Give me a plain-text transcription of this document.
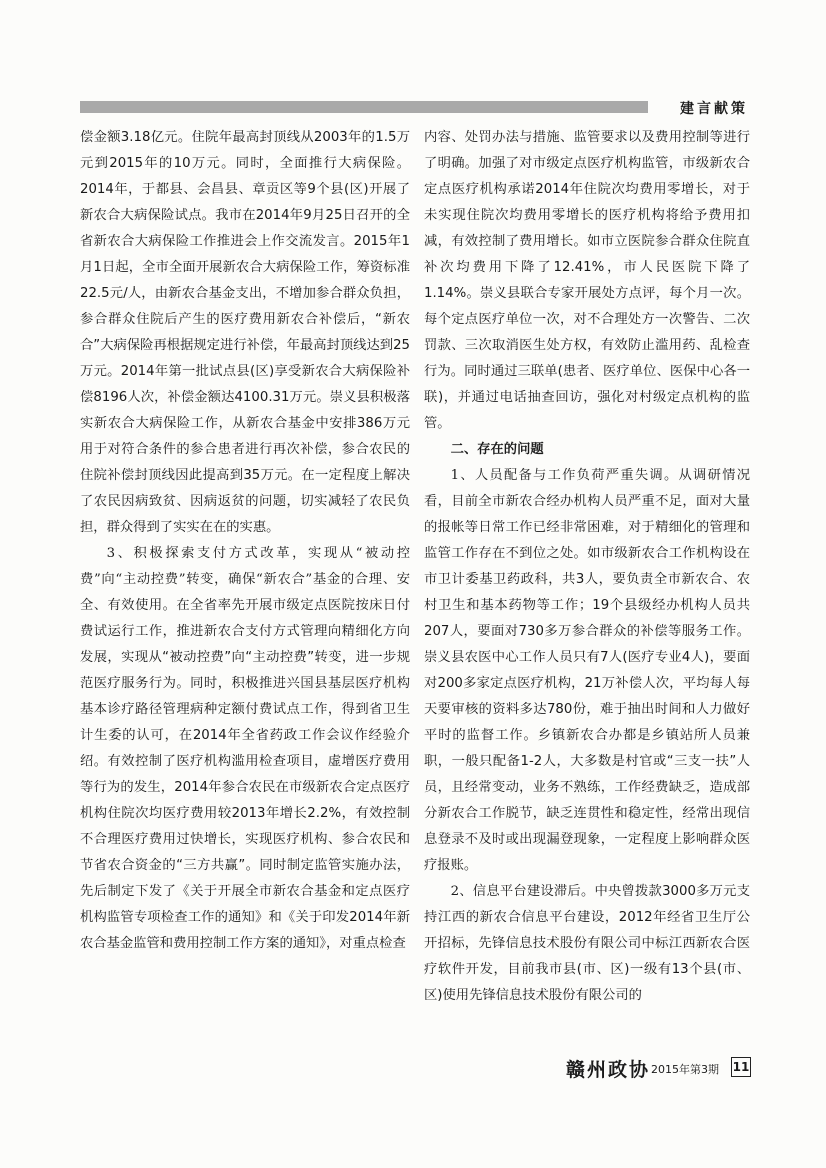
建言献策

偿金额3.18亿元。住院年最高封顶线从2003年的1.5万元到2015年的10万元。同时，全面推行大病保险。2014年，于都县、会昌县、章贡区等9个县(区)开展了新农合大病保险试点。我市在2014年9月25日召开的全省新农合大病保险工作推进会上作交流发言。2015年1月1日起，全市全面开展新农合大病保险工作，筹资标准22.5元/人，由新农合基金支出，不增加参合群众负担，参合群众住院后产生的医疗费用新农合补偿后，“新农合”大病保险再根据规定进行补偿，年最高封顶线达到25万元。2014年第一批试点县(区)享受新农合大病保险补偿8196人次，补偿金额达4100.31万元。崇义县积极落实新农合大病保险工作，从新农合基金中安排386万元用于对符合条件的参合患者进行再次补偿，参合农民的住院补偿封顶线因此提高到35万元。在一定程度上解决了农民因病致贫、因病返贫的问题，切实减轻了农民负担，群众得到了实实在在的实惠。

3、积极探索支付方式改革，实现从“被动控费”向“主动控费”转变，确保“新农合”基金的合理、安全、有效使用。在全省率先开展市级定点医院按床日付费试运行工作，推进新农合支付方式管理向精细化方向发展，实现从“被动控费”向“主动控费”转变，进一步规范医疗服务行为。同时，积极推进兴国县基层医疗机构基本诊疗路径管理病种定额付费试点工作，得到省卫生计生委的认可，在2014年全省药政工作会议作经验介绍。有效控制了医疗机构滥用检查项目，虚增医疗费用等行为的发生，2014年参合农民在市级新农合定点医疗机构住院次均医疗费用较2013年增长2.2%，有效控制不合理医疗费用过快增长，实现医疗机构、参合农民和节省农合资金的“三方共赢”。同时制定监管实施办法，先后制定下发了《关于开展全市新农合基金和定点医疗机构监管专项检查工作的通知》和《关于印发2014年新农合基金监管和费用控制工作方案的通知》，对重点检查

内容、处罚办法与措施、监管要求以及费用控制等进行了明确。加强了对市级定点医疗机构监管，市级新农合定点医疗机构承诺2014年住院次均费用零增长，对于未实现住院次均费用零增长的医疗机构将给予费用扣减，有效控制了费用增长。如市立医院参合群众住院直补次均费用下降了12.41%，市人民医院下降了1.14%。崇义县联合专家开展处方点评，每个月一次。每个定点医疗单位一次，对不合理处方一次警告、二次罚款、三次取消医生处方权，有效防止滥用药、乱检查行为。同时通过三联单(患者、医疗单位、医保中心各一联)，并通过电话抽查回访，强化对村级定点机构的监管。

二、存在的问题

1、人员配备与工作负荷严重失调。从调研情况看，目前全市新农合经办机构人员严重不足，面对大量的报帐等日常工作已经非常困难，对于精细化的管理和监管工作存在不到位之处。如市级新农合工作机构设在市卫计委基卫药政科，共3人，要负责全市新农合、农村卫生和基本药物等工作；19个县级经办机构人员共207人，要面对730多万参合群众的补偿等服务工作。崇义县农医中心工作人员只有7人(医疗专业4人)，要面对200多家定点医疗机构，21万补偿人次，平均每人每天要审核的资料多达780份，难于抽出时间和人力做好平时的监督工作。乡镇新农合办都是乡镇站所人员兼职，一般只配备1-2人，大多数是村官或“三支一扶”人员，且经常变动，业务不熟练，工作经费缺乏，造成部分新农合工作脱节，缺乏连贯性和稳定性，经常出现信息登录不及时或出现漏登现象，一定程度上影响群众医疗报账。

2、信息平台建设滞后。中央曾拨款3000多万元支持江西的新农合信息平台建设，2012年经省卫生厅公开招标，先锋信息技术股份有限公司中标江西新农合医疗软件开发，目前我市县(市、区)一级有13个县(市、区)使用先锋信息技术股份有限公司的

赣州政协 2015年第3期 11
